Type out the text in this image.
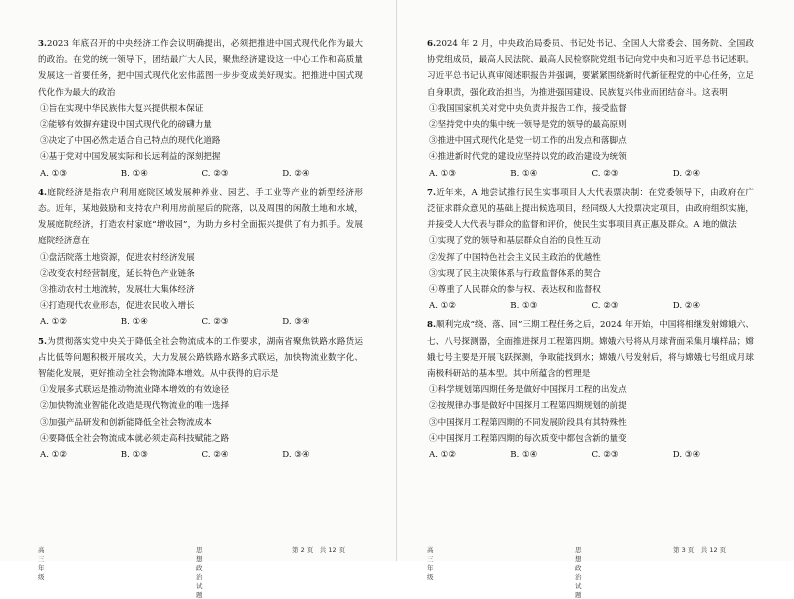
3.2023 年底召开的中央经济工作会议明确提出，必须把推进中国式现代化作为最大的政治。在党的统一领导下，团结最广大人民，聚焦经济建设这一中心工作和高质量发展这一首要任务，把中国式现代化宏伟蓝图一步步变成美好现实。把推进中国式现代化作为最大的政治

①旨在实现中华民族伟大复兴提供根本保证

②能够有效摒弃建设中国式现代化的磅礴力量

③决定了中国必然走适合自己特点的现代化道路

④基于党对中国发展实际和长远利益的深刻把握

A. ①③	B. ①④	C. ②③	D. ②④

4.庭院经济是指农户利用庭院区域发展种养业、园艺、手工业等产业的新型经济形态。近年，某地鼓励和支持农户利用房前屋后的院落，以及周围的闲散土地和水域，发展庭院经济，打造农村家庭“增收园”，为助力乡村全面振兴提供了有力抓手。发展庭院经济意在

①盘活院落土地资源，促进农村经济发展

②改变农村经营制度，延长特色产业链条

③推动农村土地流转，发展壮大集体经济

④打造现代农业形态，促进农民收入增长

A. ①②	B. ①④	C. ②③	D. ③④

5.为贯彻落实党中央关于降低全社会物流成本的工作要求，湖南省聚焦铁路水路货运占比低等问题积极开展攻关，大力发展公路铁路水路多式联运，加快物流业数字化、智能化发展，更好推动全社会物流降本增效。从中获得的启示是

①发展多式联运是推动物流业降本增效的有效途径

②加快物流业智能化改造是现代物流业的唯一选择

③加强产品研发和创新能降低全社会物流成本

④要降低全社会物流成本就必须走高科技赋能之路

A. ①②	B. ①③	C. ②④	D. ③④
高三年级
思想政治试题
第 2 页　共 12 页

6.2024 年 2 月，中央政治局委员、书记处书记、全国人大常委会、国务院、全国政协党组成员，最高人民法院、最高人民检察院党组书记向党中央和习近平总书记述职。习近平总书记认真审阅述职报告并强调，要紧紧围绕新时代新征程党的中心任务，立足自身职责，强化政治担当，为推进强国建设、民族复兴伟业而团结奋斗。这表明

①我国国家机关对党中央负责并报告工作，接受监督

②坚持党中央的集中统一领导是党的领导的最高原则

③推进中国式现代化是党一切工作的出发点和落脚点

④推进新时代党的建设应坚持以党的政治建设为统领

A. ①③	B. ①④	C. ②③	D. ②④

7.近年来，A 地尝试推行民生实事项目人大代表票决制：在党委领导下，由政府在广泛征求群众意见的基础上提出候选项目，经同级人大投票决定项目，由政府组织实施，并接受人大代表与群众的监督和评价，使民生实事项目真正惠及群众。A 地的做法

①实现了党的领导和基层群众自治的良性互动

②发挥了中国特色社会主义民主政治的优越性

③实现了民主决策体系与行政监督体系的契合

④尊重了人民群众的参与权、表达权和监督权

A. ①②	B. ①③	C. ②③	D. ②④

8.顺利完成“绕、落、回”三期工程任务之后，2024 年开始，中国将相继发射嫦娥六、七、八号探测器，全面推进探月工程第四期。嫦娥六号将从月球背面采集月壤样品；嫦娥七号主要是开展飞跃探测，争取能找到水；嫦娥八号发射后，将与嫦娥七号组成月球南极科研站的基本型。其中所蕴含的哲理是

①科学规划第四期任务是做好中国探月工程的出发点

②按规律办事是做好中国探月工程第四期规划的前提

③中国探月工程第四期的不同发展阶段具有其特殊性

④中国探月工程第四期的每次质变中都包含新的量变

A. ①②	B. ①④	C. ②③	D. ③④
高三年级
思想政治试题
第 3 页　共 12 页
